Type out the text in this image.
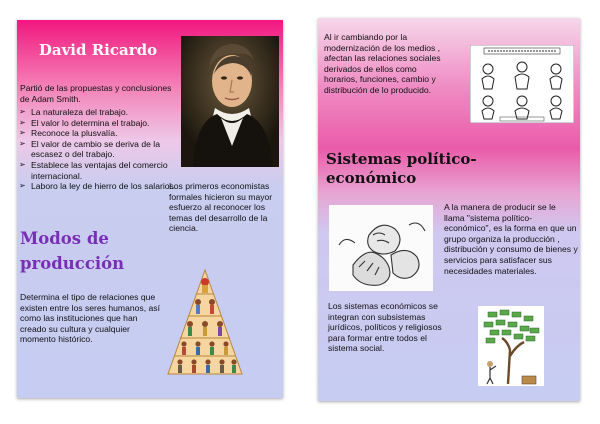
David Ricardo
Partió de las propuestas y conclusiones de Adam Smith.
➢ La naturaleza del trabajo.
➢ El valor lo determina el trabajo.
➢ Reconoce la plusvalía.
➢ El valor de cambio se deriva de la escasez o del trabajo.
➢ Establece las ventajas del comercio internacional.
➢ Laboro la ley de hierro de los salarios.
Los primeros economistas formales hicieron su mayor esfuerzo al reconocer los temas del desarrollo de la ciencia.
Modos de producción
Determina el tipo de relaciones que existen entre los seres humanos, así como las instituciones que han creado su cultura y cualquier momento histórico.
Al ir cambiando por la modernización de los medios , afectan las relaciones sociales derivados de ellos como horarios, funciones, cambio y distribución de lo producido.
Sistemas político-económico
A la manera de producir se le llama "sistema político-económico", es la forma en que un grupo organiza la producción , distribución y consumo de bienes y servicios para satisfacer sus necesidades materiales.
Los sistemas económicos se integran con subsistemas jurídicos, políticos y religiosos para formar entre todos el sistema social.
